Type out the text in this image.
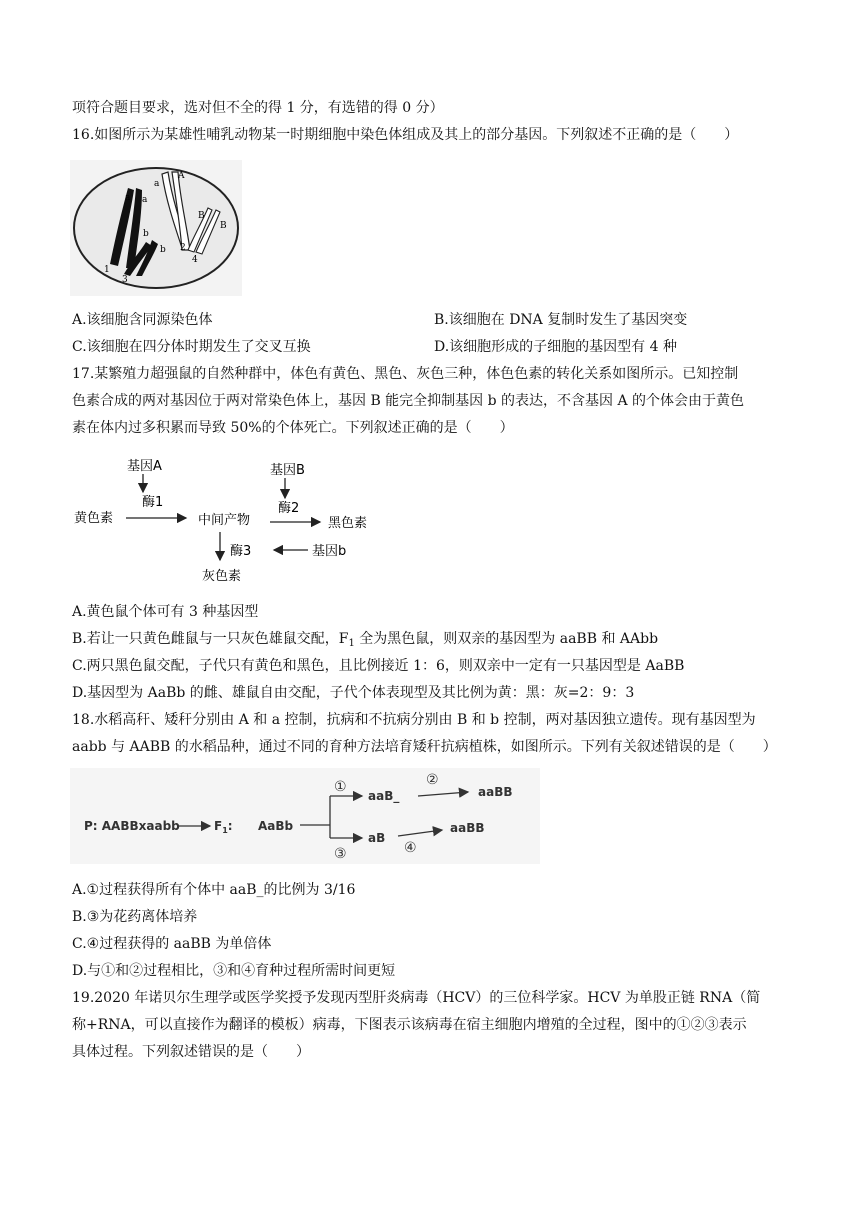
项符合题目要求，选对但不全的得 1 分，有选错的得 0 分）
16.如图所示为某雄性哺乳动物某一时期细胞中染色体组成及其上的部分基因。下列叙述不正确的是（　　）
a a
a
A
b
b
B
B
1
2
3
4
A.该细胞含同源染色体	B.该细胞在 DNA 复制时发生了基因突变
C.该细胞在四分体时期发生了交叉互换	D.该细胞形成的子细胞的基因型有 4 种
17.某繁殖力超强鼠的自然种群中，体色有黄色、黑色、灰色三种，体色色素的转化关系如图所示。已知控制
色素合成的两对基因位于两对常染色体上，基因 B 能完全抑制基因 b 的表达，不含基因 A 的个体会由于黄色
素在体内过多积累而导致 50%的个体死亡。下列叙述正确的是（　　）
基因A
酶1
黄色素	中间产物
基因B
酶2
黑色素
酶3	基因b
灰色素
A.黄色鼠个体可有 3 种基因型
B.若让一只黄色雌鼠与一只灰色雄鼠交配，$F_1$ 全为黑色鼠，则双亲的基因型为 aaBB 和 AAbb
C.两只黑色鼠交配，子代只有黄色和黑色，且比例接近 1：6，则双亲中一定有一只基因型是 AaBB
D.基因型为 AaBb 的雌、雄鼠自由交配，子代个体表现型及其比例为黄：黑：灰=2：9：3
18.水稻高秆、矮秆分别由 A 和 a 控制，抗病和不抗病分别由 B 和 b 控制，两对基因独立遗传。现有基因型为
aabb 与 AABB 的水稻品种，通过不同的育种方法培育矮秆抗病植株，如图所示。下列有关叙述错误的是（　　）
P: AABBxaabb	$F_1$: AaBb
①
③
aaB_
②
aaBB
aB
④
aaBB
A.①过程获得所有个体中 aaB_的比例为 3/16
B.③为花药离体培养
C.④过程获得的 aaBB 为单倍体
D.与①和②过程相比，③和④育种过程所需时间更短
19.2020 年诺贝尔生理学或医学奖授予发现丙型肝炎病毒（HCV）的三位科学家。HCV 为单股正链 RNA（简
称+RNA，可以直接作为翻译的模板）病毒，下图表示该病毒在宿主细胞内增殖的全过程，图中的①②③表示
具体过程。下列叙述错误的是（　　）
